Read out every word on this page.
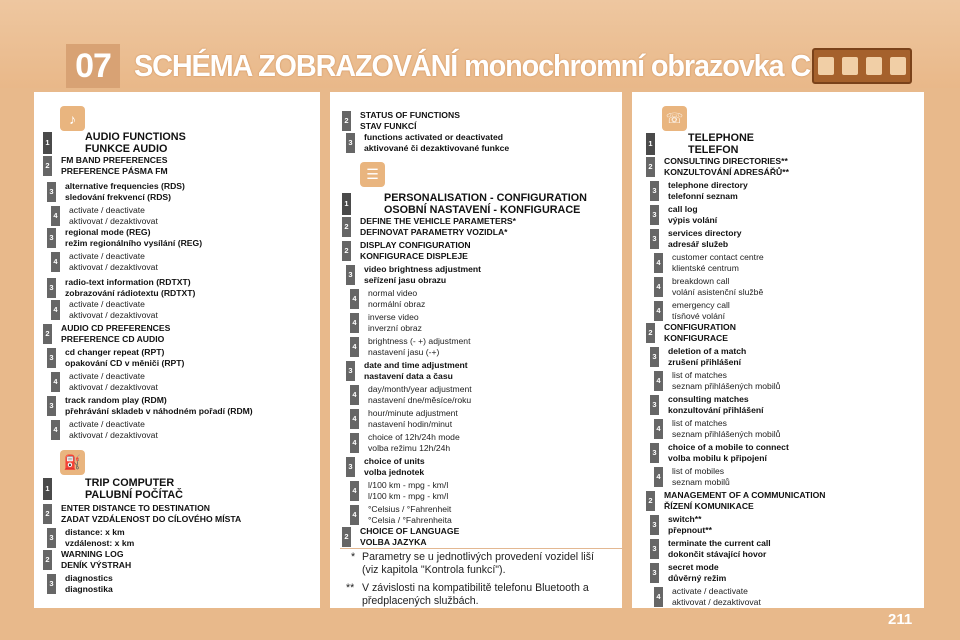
07 SCHÉMA ZOBRAZOVÁNÍ monochromní obrazovka C
♪
⛽
☰
☏
1	AUDIO FUNCTIONS
FUNKCE AUDIO
2
FM BAND PREFERENCES
PREFERENCE PÁSMA FM
3
alternative frequencies (RDS)
sledování frekvencí (RDS)
4
activate / deactivate
aktivovat / dezaktivovat
3
regional mode (REG)
režim regionálního vysílání (REG)
4
activate / deactivate
aktivovat / dezaktivovat
3
radio-text information (RDTXT)
zobrazování rádiotextu (RDTXT)
4
activate / deactivate
aktivovat / dezaktivovat
2
AUDIO CD PREFERENCES
PREFERENCE CD AUDIO
3
cd changer repeat (RPT)
opakování CD v měniči (RPT)
4
activate / deactivate
aktivovat / dezaktivovat
3
track random play (RDM)
přehrávání skladeb v náhodném pořadí (RDM)
4
activate / deactivate
aktivovat / dezaktivovat
1	TRIP COMPUTER
PALUBNÍ POČÍTAČ
2
ENTER DISTANCE TO DESTINATION
ZADAT VZDÁLENOST DO CÍLOVÉHO MÍSTA
3
distance: x km
vzdálenost: x km
2
WARNING LOG
DENÍK VÝSTRAH
3
diagnostics
diagnostika
2
STATUS OF FUNCTIONS
STAV FUNKCÍ
3
functions activated or deactivated
aktivované či dezaktivované funkce
1	PERSONALISATION - CONFIGURATION
OSOBNÍ NASTAVENÍ - KONFIGURACE
2
DEFINE THE VEHICLE PARAMETERS*
DEFINOVAT PARAMETRY VOZIDLA*
2
DISPLAY CONFIGURATION
KONFIGURACE DISPLEJE
3
video brightness adjustment
seřízení jasu obrazu
4
normal video
normální obraz
4
inverse video
inverzní obraz
4
brightness (- +) adjustment
nastavení jasu (-+)
3
date and time adjustment
nastavení data a času
4
day/month/year adjustment
nastavení dne/měsíce/roku
4
hour/minute adjustment
nastavení hodin/minut
4
choice of 12h/24h mode
volba režimu 12h/24h
3
choice of units
volba jednotek
4
l/100 km - mpg - km/l
l/100 km - mpg - km/l
4
°Celsius / °Fahrenheit
°Celsia / °Fahrenheita
2
CHOICE OF LANGUAGE
VOLBA JAZYKA
1	TELEPHONE
TELEFON
2
CONSULTING DIRECTORIES**
KONZULTOVÁNÍ ADRESÁŘŮ**
3
telephone directory
telefonní seznam
3
call log
výpis volání
3
services directory
adresář služeb
4
customer contact centre
klientské centrum
4
breakdown call
volání asistenční službě
4
emergency call
tísňové volání
2
CONFIGURATION
KONFIGURACE
3
deletion of a match
zrušení přihlášení
4
list of matches
seznam přihlášených mobilů
3
consulting matches
konzultování přihlášení
4
list of matches
seznam přihlášených mobilů
3
choice of a mobile to connect
volba mobilu k připojení
4
list of mobiles
seznam mobilů
2
MANAGEMENT OF A COMMUNICATION
ŘÍZENÍ KOMUNIKACE
3
switch**
přepnout**
3
terminate the current call
dokončit stávající hovor
3
secret mode
důvěrný režim
4
activate / deactivate
aktivovat / dezaktivovat
* Parametry se u jednotlivých provedení vozidel liší
(viz kapitola "Kontrola funkcí").
** V závislosti na kompatibilitě telefonu Bluetooth a
předplacených službách.
211
